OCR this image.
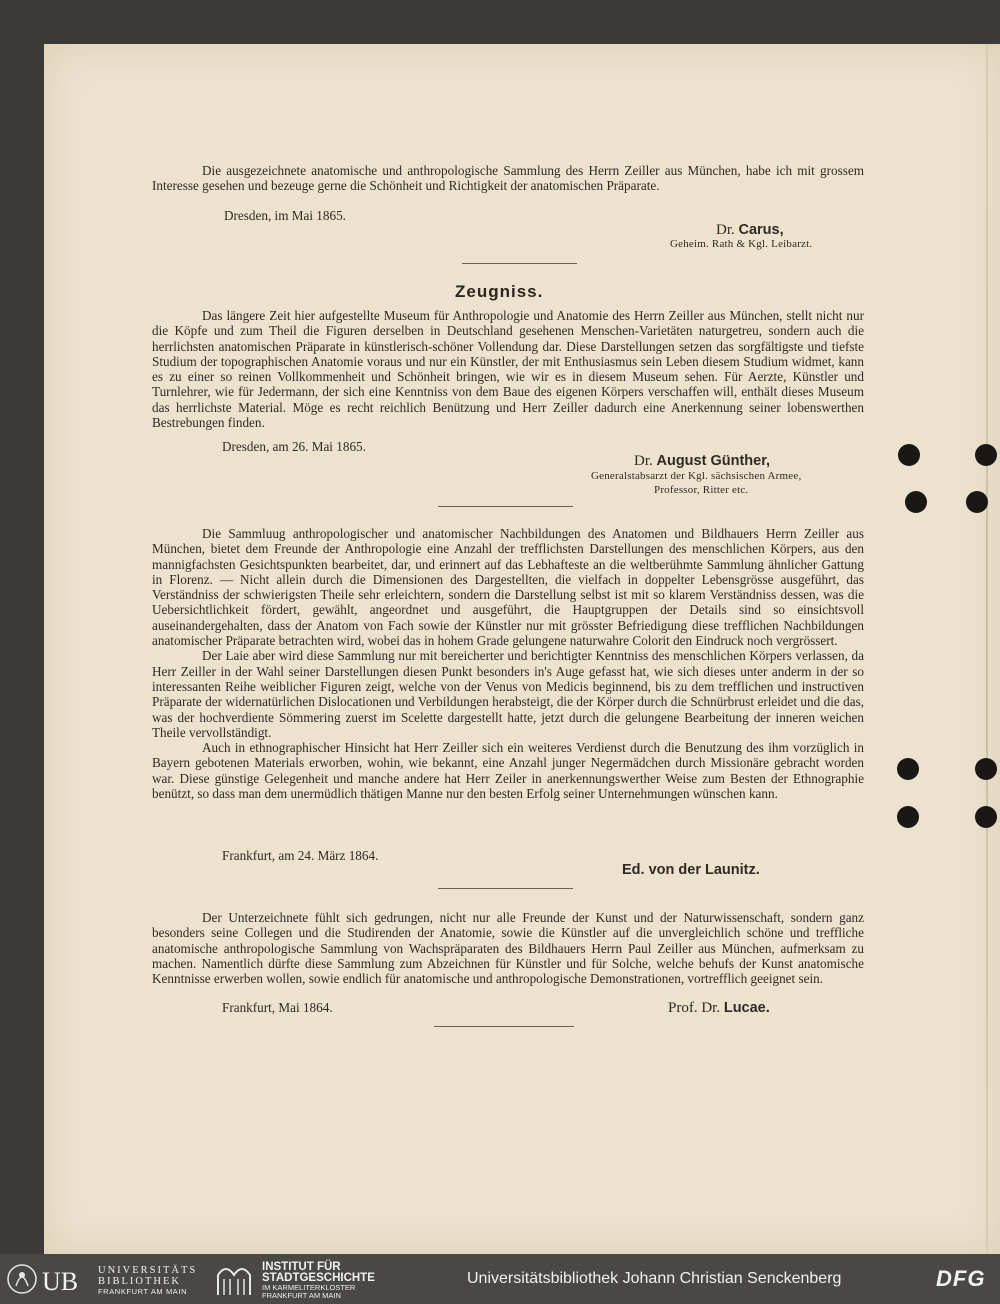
Die ausgezeichnete anatomische und anthropologische Sammlung des Herrn Zeiller aus München, habe ich mit grossem Interesse gesehen und bezeuge gerne die Schönheit und Richtigkeit der anatomischen Präparate.

Dresden, im Mai 1865.
Dr. Carus,
Geheim. Rath & Kgl. Leibarzt.
Zeugniss.

Das längere Zeit hier aufgestellte Museum für Anthropologie und Anatomie des Herrn Zeiller aus München, stellt nicht nur die Köpfe und zum Theil die Figuren derselben in Deutschland gesehenen Menschen-Varietäten naturgetreu, sondern auch die herrlichsten anatomischen Präparate in künstlerisch-schöner Vollendung dar. Diese Darstellungen setzen das sorgfältigste und tiefste Studium der topographischen Anatomie voraus und nur ein Künstler, der mit Enthusiasmus sein Leben diesem Studium widmet, kann es zu einer so reinen Vollkommenheit und Schönheit bringen, wie wir es in diesem Museum sehen. Für Aerzte, Künstler und Turnlehrer, wie für Jedermann, der sich eine Kenntniss von dem Baue des eigenen Körpers verschaffen will, enthält dieses Museum das herrlichste Material. Möge es recht reichlich Benützung und Herr Zeiller dadurch eine Anerkennung seiner lobenswerthen Bestrebungen finden.

Dresden, am 26. Mai 1865.
Dr. August Günther,
Generalstabsarzt der Kgl. sächsischen Armee,
Professor, Ritter etc.

Die Sammluug anthropologischer und anatomischer Nachbildungen des Anatomen und Bildhauers Herrn Zeiller aus München, bietet dem Freunde der Anthropologie eine Anzahl der trefflichsten Darstellungen des menschlichen Körpers, aus den mannigfachsten Gesichtspunkten bearbeitet, dar, und erinnert auf das Lebhafteste an die weltberühmte Sammlung ähnlicher Gattung in Florenz. — Nicht allein durch die Dimensionen des Dargestellten, die vielfach in doppelter Lebensgrösse ausgeführt, das Verständniss der schwierigsten Theile sehr erleichtern, sondern die Darstellung selbst ist mit so klarem Verständniss dessen, was die Uebersichtlichkeit fördert, gewählt, angeordnet und ausgeführt, die Hauptgruppen der Details sind so einsichtsvoll auseinandergehalten, dass der Anatom von Fach sowie der Künstler nur mit grösster Befriedigung diese trefflichen Nachbildungen anatomischer Präparate betrachten wird, wobei das in hohem Grade gelungene naturwahre Colorit den Eindruck noch vergrössert.

Der Laie aber wird diese Sammlung nur mit bereicherter und berichtigter Kenntniss des menschlichen Körpers verlassen, da Herr Zeiller in der Wahl seiner Darstellungen diesen Punkt besonders in's Auge gefasst hat, wie sich dieses unter anderm in der so interessanten Reihe weiblicher Figuren zeigt, welche von der Venus von Medicis beginnend, bis zu dem trefflichen und instructiven Präparate der widernatürlichen Dislocationen und Verbildungen herabsteigt, die der Körper durch die Schnürbrust erleidet und die das, was der hochverdiente Sömmering zuerst im Scelette dargestellt hatte, jetzt durch die gelungene Bearbeitung der inneren weichen Theile vervollständigt.

Auch in ethnographischer Hinsicht hat Herr Zeiller sich ein weiteres Verdienst durch die Benutzung des ihm vorzüglich in Bayern gebotenen Materials erworben, wohin, wie bekannt, eine Anzahl junger Negermädchen durch Missionäre gebracht worden war. Diese günstige Gelegenheit und manche andere hat Herr Zeiler in anerkennungswerther Weise zum Besten der Ethnographie benützt, so dass man dem unermüdlich thätigen Manne nur den besten Erfolg seiner Unternehmungen wünschen kann.

Frankfurt, am 24. März 1864.
Ed. von der Launitz.

Der Unterzeichnete fühlt sich gedrungen, nicht nur alle Freunde der Kunst und der Naturwissenschaft, sondern ganz besonders seine Collegen und die Studirenden der Anatomie, sowie die Künstler auf die unvergleichlich schöne und treffliche anatomische anthropologische Sammlung von Wachspräparaten des Bildhauers Herrn Paul Zeiller aus München, aufmerksam zu machen. Namentlich dürfte diese Sammlung zum Abzeichnen für Künstler und für Solche, welche behufs der Kunst anatomische Kenntnisse erwerben wollen, sowie endlich für anatomische und anthropologische Demonstrationen, vortrefflich geeignet sein.

Frankfurt, Mai 1864.	Prof. Dr. Lucae.
UB UNIVERSITÄTS
BIBLIOTHEK
FRANKFURT AM MAIN
INSTITUT FÜR
STADTGESCHICHTE
IM KARMELITERKLOSTER
FRANKFURT AM MAIN
Universitätsbibliothek Johann Christian Senckenberg	DFG
